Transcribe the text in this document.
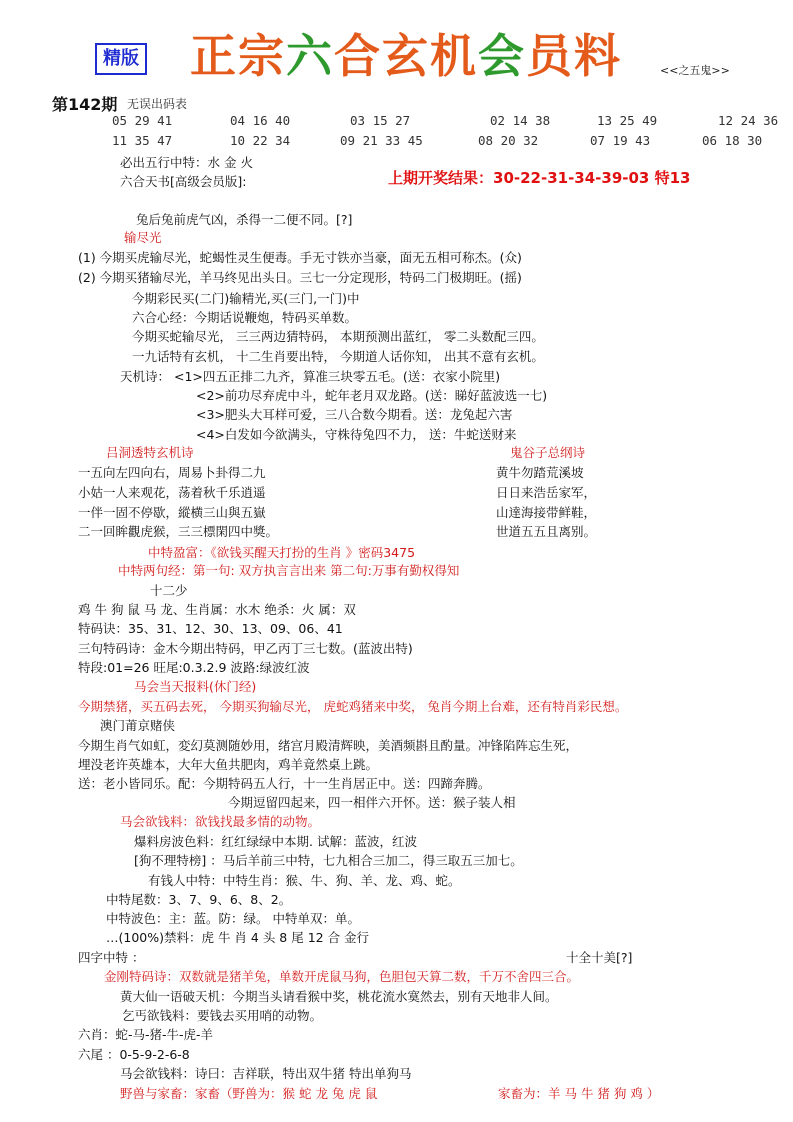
精版 正宗六合玄机会员料	<<之五鬼>>
第142期 无误出码表
05 29 41	04 16 40	03 15 27	02 14 38	13 25 49	12 24 36
11 35 47	10 22 34	09 21 33 45	08 20 32	07 19 43	06 18 30
必出五行中特：水 金 火
六合天书[高级会员版]:	上期开奖结果：30-22-31-34-39-03 特13
兔后兔前虎气凶，杀得一二便不同。[?]
输尽光
(1) 今期买虎输尽光，蛇蝎性灵生便毒。手无寸铁亦当豪，面无五相可称杰。(众)
(2) 今期买猪输尽光，羊马终见出头日。三七一分定现形，特码二门极期旺。(摇)
今期彩民买(二门)输精光,买(三门,一门)中
六合心经：今期话说鞭炮，特码买单数。
今期买蛇输尽光， 三三两边猜特码， 本期预测出蓝红， 零二头数配三四。
一九话特有玄机， 十二生肖要出特， 今期道人话你知， 出其不意有玄机。
天机诗： <1>四五正排二九齐，算准三块零五毛。(送：衣家小院里)
<2>前功尽弃虎中斗，蛇年老月双龙路。(送：睇好蓝波选一七)
<3>肥头大耳样可爱，三八合数今期看。送：龙兔起六害
<4>白发如今欲满头，守株待兔四不力， 送：牛蛇送财来
吕洞透特玄机诗	鬼谷子总纲诗
一五向左四向右，周易卜卦得二九	黄牛勿踏荒溪坡
小姑一人来观花，荡着秋千乐逍遥	日日来浩岳家军，
一伴一固不停歇，縱横三山與五嶽	山達海接带鲜鞋，
二一回眸觀虎猴，三三標閑四中獎。	世道五五且离别。
中特盈富：《欲钱买醒天打扮的生肖 》密码3475
中特两句经：第一句: 双方执言言出来 第二句:万事有勤权得知
十二少
鸡 牛 狗 鼠 马 龙、生肖属：水木 绝杀：火 属：双
特码诀：35、31、12、30、13、09、06、41
三句特码诗：金木今期出特码，甲乙丙丁三七数。(蓝波出特)
特段:01=26 旺尾:0.3.2.9 波路:绿波红波
马会当天报料(休门经)
今期禁猪，买五码去死， 今期买狗输尽光， 虎蛇鸡猪来中奖， 兔肖今期上台难，还有特肖彩民想。
澳门莆京赌侠
今期生肖气如虹，変幻莫测随妙用，绪宫月殿清辉映，美酒频斟且酌量。冲锋陷阵忘生死，
埋没老许英雄本，大年大鱼共肥肉，鸡羊竟然桌上跳。
送：老小皆同乐。配：今期特码五人行，十一生肖居正中。送：四蹄奔腾。
今期逗留四起来，四一相伴六开怀。送：猴子装人相
马会欲钱料：欲钱找最多情的动物。
爆料房波色料：红红绿绿中本期. 试解：蓝波，红波
[狗不理特榜] ：马后羊前三中特，七九相合三加二，得三取五三加七。
有钱人中特：中特生肖：猴、牛、狗、羊、龙、鸡、蛇。
中特尾数：3、7、9、6、8、2。
中特波色：主：蓝。防：绿。 中特单双：单。
…(100%)禁料：虎 牛 肖 4 头 8 尾 12 合 金行
四字中特 ：	十全十美[?]
金刚特码诗：双数就是猪羊兔，单数开虎鼠马狗，色胆包天算二数，千万不舍四三合。
黄大仙一语破天机：今期当头请看猴中奖，桃花流水寞然去，别有天地非人间。
乞丐欲钱料：要钱去买用哨的动物。
六肖：蛇-马-猪-牛-虎-羊
六尾 ：0-5-9-2-6-8
马会欲钱料：诗曰：吉祥联，特出双牛猪 特出单狗马
野兽与家畜：家畜（野兽为：猴 蛇 龙 兔 虎 鼠	家畜为：羊 马 牛 猪 狗 鸡 ）
